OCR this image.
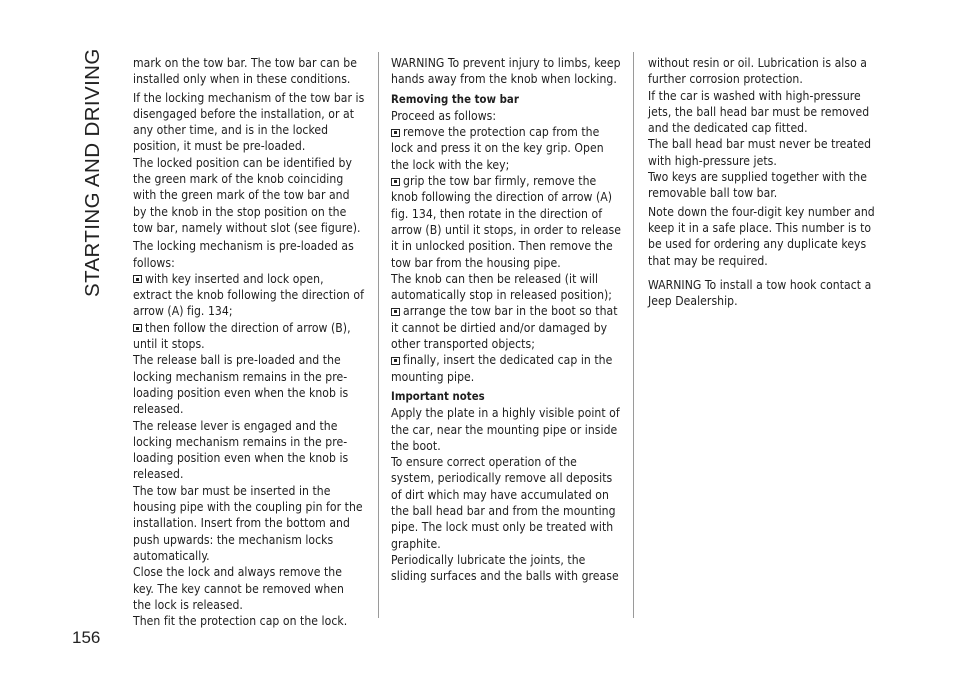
STARTING AND DRIVING mark on the tow bar. The tow bar can be installed only when in these conditions.

If the locking mechanism of the tow bar is disengaged before the installation, or at any other time, and is in the locked position, it must be pre-loaded.

The locked position can be identified by the green mark of the knob coinciding with the green mark of the tow bar and by the knob in the stop position on the tow bar, namely without slot (see figure).

The locking mechanism is pre-loaded as follows:

with key inserted and lock open, extract the knob following the direction of arrow (A) fig. 134;

then follow the direction of arrow (B), until it stops.

The release ball is pre-loaded and the locking mechanism remains in the pre-loading position even when the knob is released.

The release lever is engaged and the locking mechanism remains in the pre-loading position even when the knob is released.

The tow bar must be inserted in the housing pipe with the coupling pin for the installation. Insert from the bottom and push upwards: the mechanism locks automatically.

Close the lock and always remove the key. The key cannot be removed when the lock is released.

Then fit the protection cap on the lock.

WARNING To prevent injury to limbs, keep hands away from the knob when locking.

Removing the tow bar

Proceed as follows:

remove the protection cap from the lock and press it on the key grip. Open the lock with the key;

grip the tow bar firmly, remove the knob following the direction of arrow (A) fig. 134, then rotate in the direction of arrow (B) until it stops, in order to release it in unlocked position. Then remove the tow bar from the housing pipe.

The knob can then be released (it will automatically stop in released position);

arrange the tow bar in the boot so that it cannot be dirtied and/or damaged by other transported objects;

finally, insert the dedicated cap in the mounting pipe.

Important notes

Apply the plate in a highly visible point of the car, near the mounting pipe or inside the boot.

To ensure correct operation of the system, periodically remove all deposits of dirt which may have accumulated on the ball head bar and from the mounting pipe. The lock must only be treated with graphite.

Periodically lubricate the joints, the sliding surfaces and the balls with grease

without resin or oil. Lubrication is also a further corrosion protection.

If the car is washed with high-pressure jets, the ball head bar must be removed and the dedicated cap fitted.

The ball head bar must never be treated with high-pressure jets.

Two keys are supplied together with the removable ball tow bar.

Note down the four-digit key number and keep it in a safe place. This number is to be used for ordering any duplicate keys that may be required.

WARNING To install a tow hook contact a Jeep Dealership.

156
